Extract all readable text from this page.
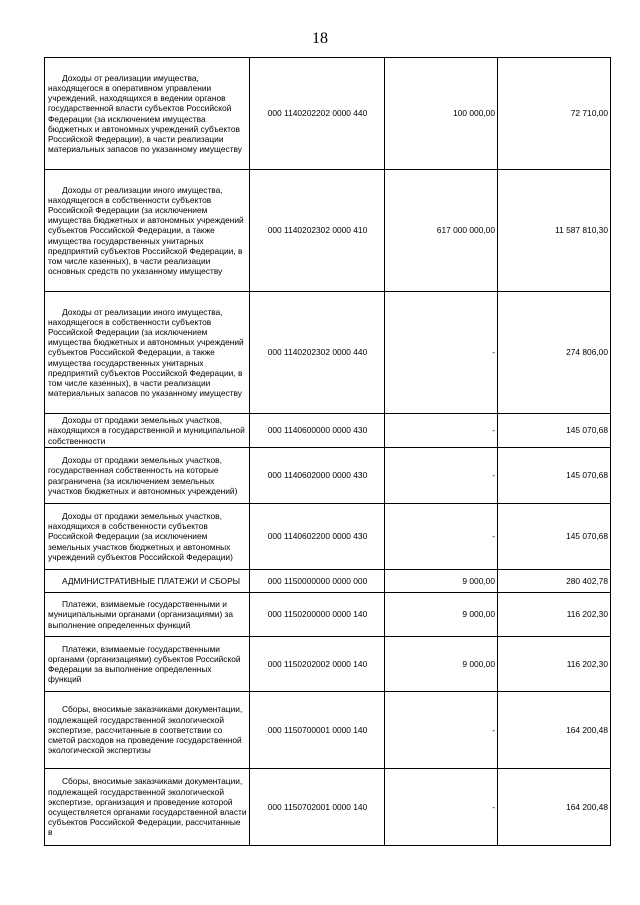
18
Доходы от реализации имущества, находящегося в оперативном управлении учреждений, находящихся в ведении органов государственной власти субъектов Российской Федерации (за исключением имущества бюджетных и автономных учреждений субъектов Российской Федерации), в части реализации материальных запасов по указанному имуществу	000 1140202202 0000 440	100 000,00	72 710,00
Доходы от реализации иного имущества, находящегося в собственности субъектов Российской Федерации (за исключением имущества бюджетных и автономных учреждений субъектов Российской Федерации, а также имущества государственных унитарных предприятий субъектов Российской Федерации, в том числе казенных), в части реализации основных средств по указанному имуществу	000 1140202302 0000 410	617 000 000,00	11 587 810,30
Доходы от реализации иного имущества, находящегося в собственности субъектов Российской Федерации (за исключением имущества бюджетных и автономных учреждений субъектов Российской Федерации, а также имущества государственных унитарных предприятий субъектов Российской Федерации, в том числе казенных), в части реализации материальных запасов по указанному имуществу	000 1140202302 0000 440	-	274 806,00
Доходы от продажи земельных участков, находящихся в государственной и муниципальной собственности	000 1140600000 0000 430	-	145 070,68
Доходы от продажи земельных участков, государственная собственность на которые разграничена (за исключением земельных участков бюджетных и автономных учреждений)	000 1140602000 0000 430	-	145 070,68
Доходы от продажи земельных участков, находящихся в собственности субъектов Российской Федерации (за исключением земельных участков бюджетных и автономных учреждений субъектов Российской Федерации)	000 1140602200 0000 430	-	145 070,68
АДМИНИСТРАТИВНЫЕ ПЛАТЕЖИ И СБОРЫ	000 1150000000 0000 000	9 000,00	280 402,78
Платежи, взимаемые государственными и муниципальными органами (организациями) за выполнение определенных функций	000 1150200000 0000 140	9 000,00	116 202,30
Платежи, взимаемые государственными органами (организациями) субъектов Российской Федерации за выполнение определенных функций	000 1150202002 0000 140	9 000,00	116 202,30
Сборы, вносимые заказчиками документации, подлежащей государственной экологической экспертизе, рассчитанные в соответствии со сметой расходов на проведение государственной экологической экспертизы	000 1150700001 0000 140	-	164 200,48
Сборы, вносимые заказчиками документации, подлежащей государственной экологической экспертизе, организация и проведение которой осуществляется органами государственной власти субъектов Российской Федерации, рассчитанные в	000 1150702001 0000 140	-	164 200,48
